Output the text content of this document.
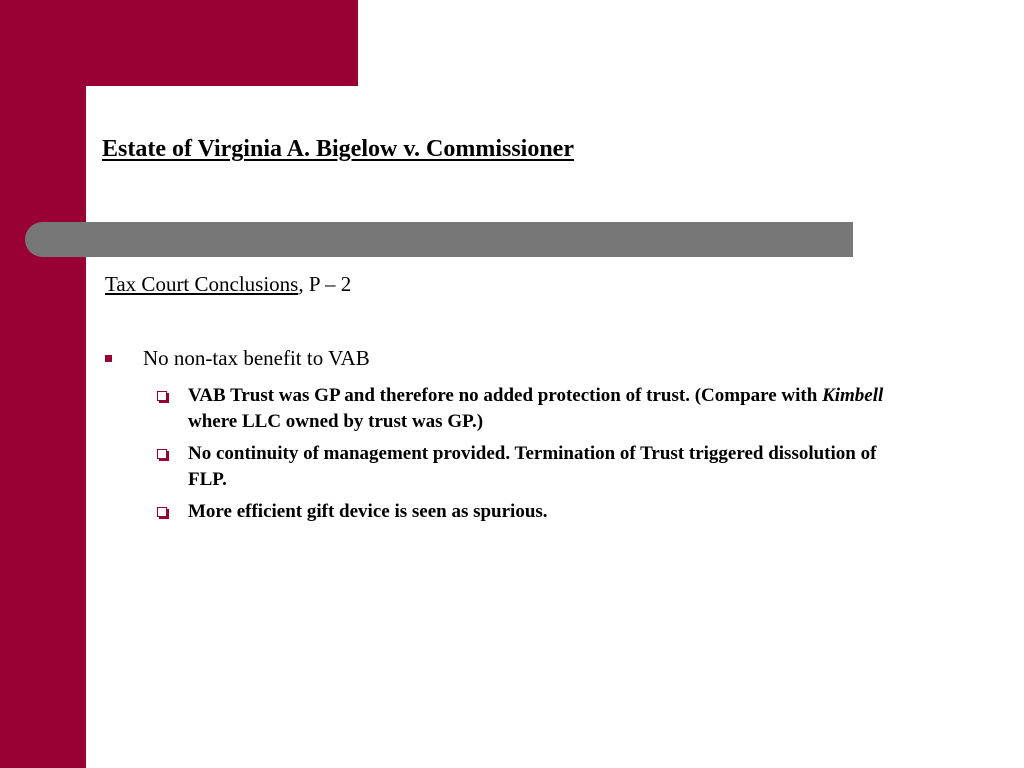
Estate of Virginia A. Bigelow v. Commissioner
Tax Court Conclusions, P – 2
No non-tax benefit to VAB
VAB Trust was GP and therefore no added protection of trust. (Compare with Kimbell where LLC owned by trust was GP.)
No continuity of management provided. Termination of Trust triggered dissolution of FLP.
More efficient gift device is seen as spurious.
